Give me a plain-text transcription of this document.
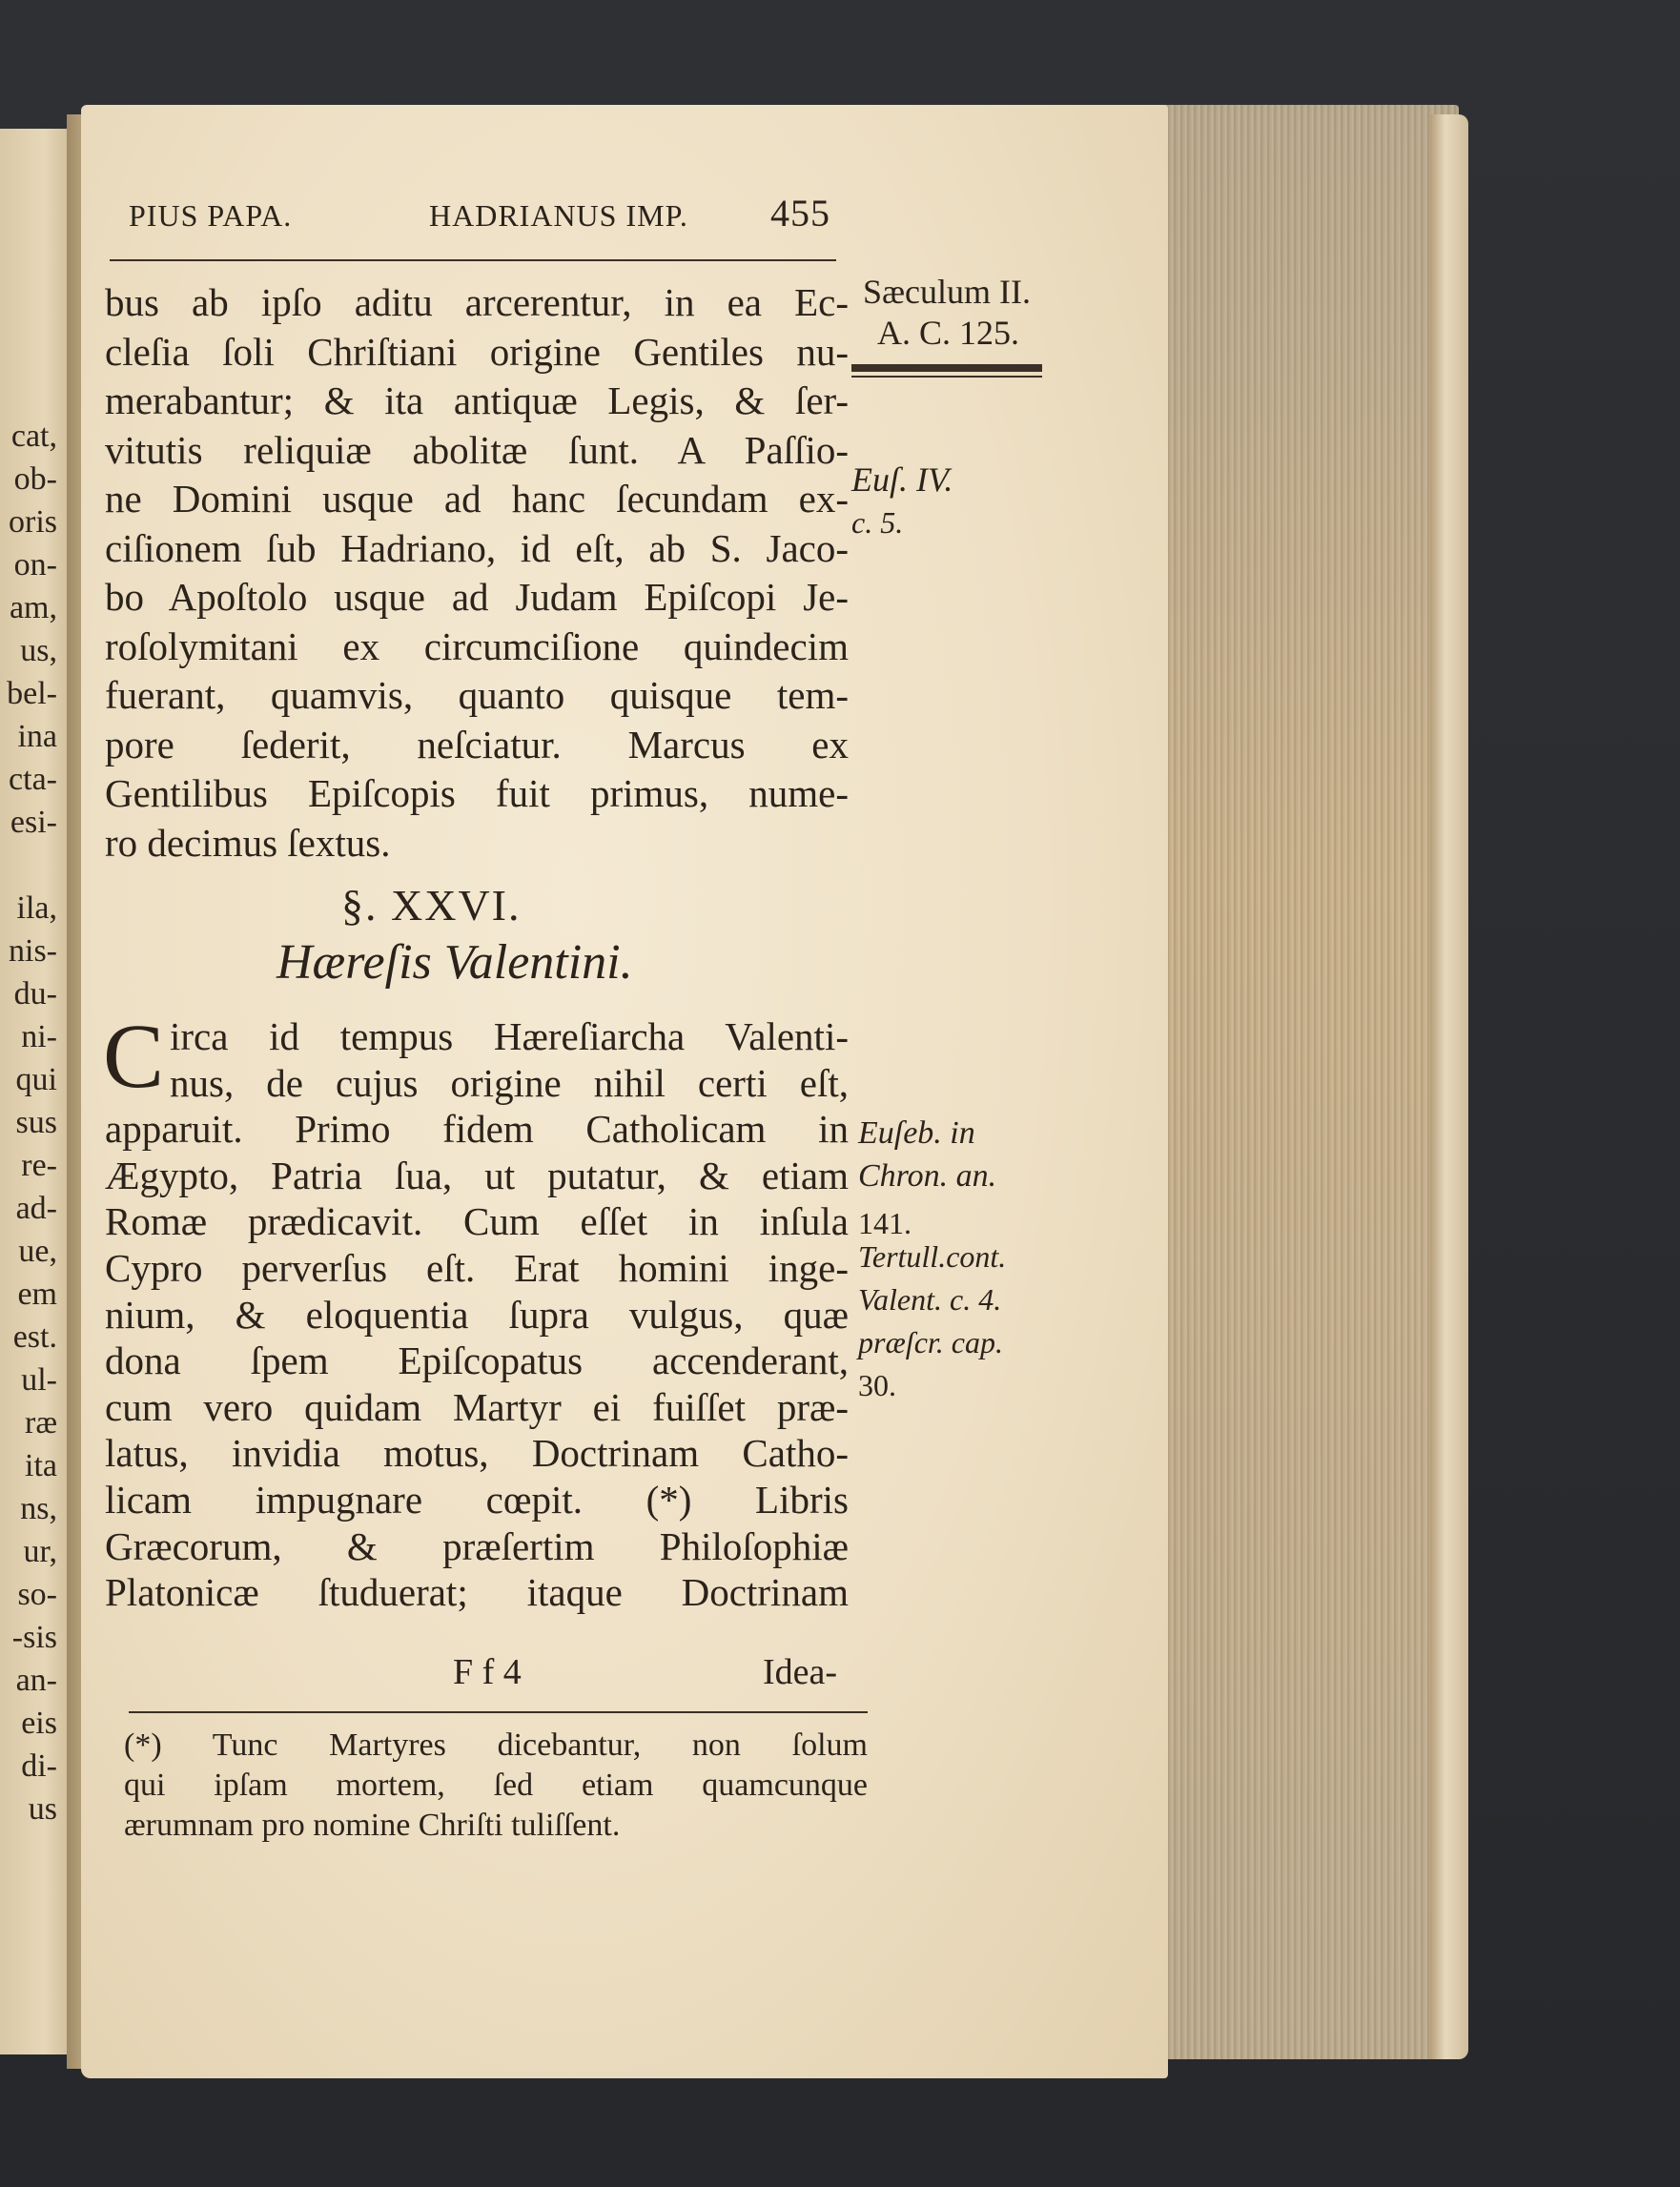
cat,
ob-
oris
on-
am,
us,
bel-
ina
cta-
esi-
ila,
nis-
du-
ni-
qui
sus
re-
ad-
ue,
em
est.
ul-
ræ
ita
ns,
ur,
so-
-sis
an-
eis
di-
us
PIUS PAPA.	HADRIANUS IMP. 455
Sæculum II.
A. C. 125.
Euſ. IV.
c. 5.
Euſeb. in
Chron. an.
141.
Tertull.cont.
Valent. c. 4.
præſcr. cap.
30.
bus ab ipſo aditu arcerentur, in ea Ec-
cleſia ſoli Chriſtiani origine Gentiles nu-
merabantur; & ita antiquæ Legis, & ſer-
vitutis reliquiæ abolitæ ſunt. A Paſſio-
ne Domini usque ad hanc ſecundam ex-
ciſionem ſub Hadriano, id eſt, ab S. Jaco-
bo Apoſtolo usque ad Judam Epiſcopi Je-
roſolymitani ex circumciſione quindecim
fuerant, quamvis, quanto quisque tem-
pore ſederit, neſciatur. Marcus ex
Gentilibus Epiſcopis fuit primus, nume-
ro decimus ſextus.
§. XXVI.
Hæreſis Valentini.
C irca id tempus Hæreſiarcha Valenti-
nus, de cujus origine nihil certi eſt,
apparuit. Primo fidem Catholicam in
Ægypto, Patria ſua, ut putatur, & etiam
Romæ prædicavit. Cum eſſet in inſula
Cypro perverſus eſt. Erat homini inge-
nium, & eloquentia ſupra vulgus, quæ
dona ſpem Epiſcopatus accenderant,
cum vero quidam Martyr ei fuiſſet præ-
latus, invidia motus, Doctrinam Catho-
licam impugnare cœpit. (*) Libris
Græcorum, & præſertim Philoſophiæ
Platonicæ ſtuduerat; itaque Doctrinam
F f 4	Idea-
(*) Tunc Martyres dicebantur, non ſolum
qui ipſam mortem, ſed etiam quamcunque
ærumnam pro nomine Chriſti tuliſſent.
